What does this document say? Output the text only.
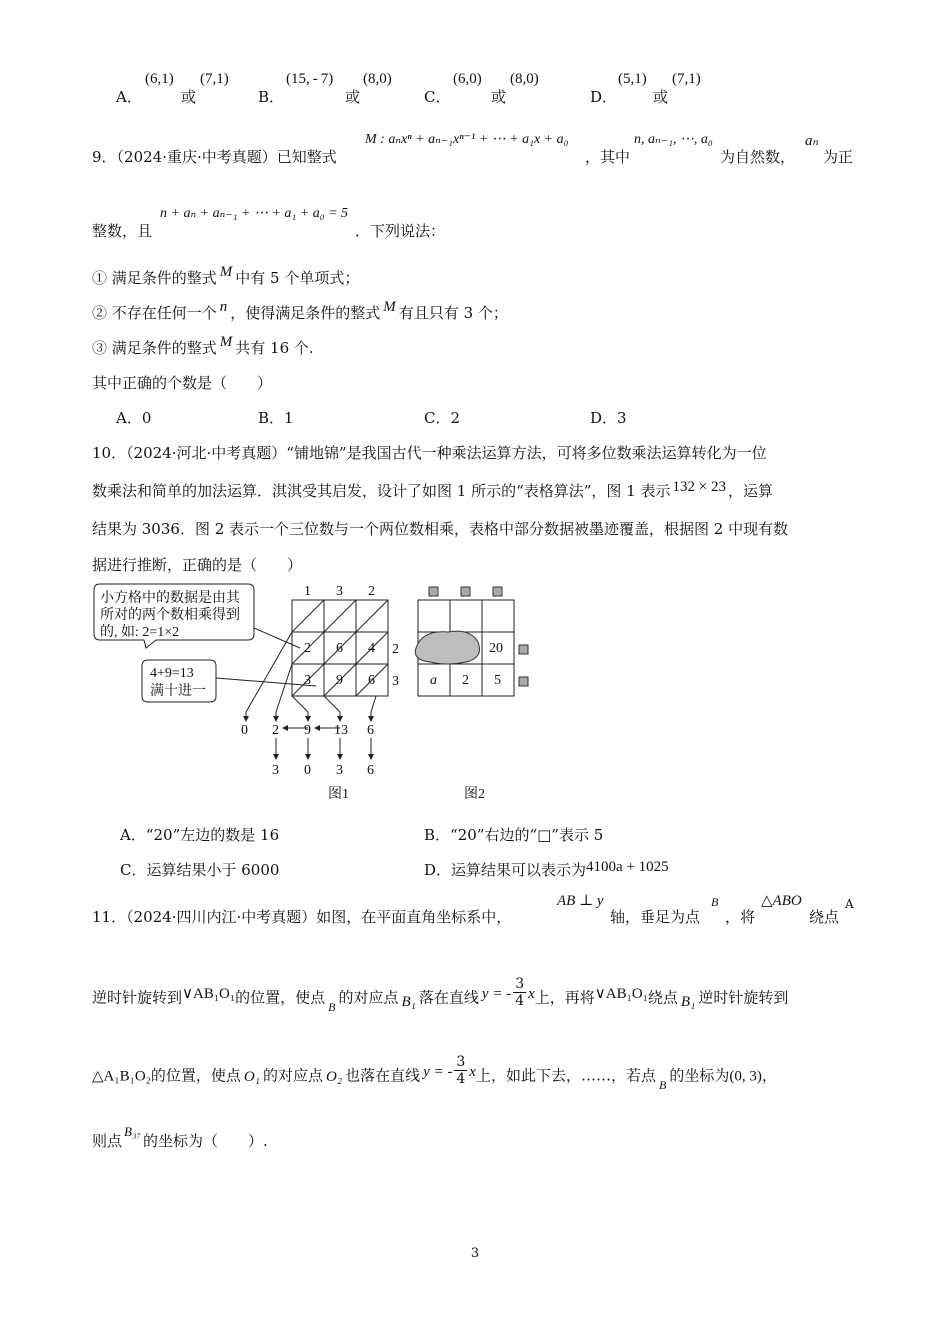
A．
(6,1)
或
(7,1)
B．
(15, - 7)
或
(8,0)
C．
(6,0)
或
(8,0)
D．
(5,1)
或
(7,1)
9．（2024·重庆·中考真题）已知整式
M : aₙxⁿ + aₙ₋₁xⁿ⁻¹ + ⋯ + a₁x + a₀
，其中
n, aₙ₋₁, ⋯, a₀
为自然数，
aₙ
为正
整数，且
n + aₙ + aₙ₋₁ + ⋯ + a₁ + a₀ = 5
．下列说法：
① 满足条件的整式 M 中有 5 个单项式；
② 不存在任何一个 n ，使得满足条件的整式 M 有且只有 3 个；
③ 满足条件的整式 M 共有 16 个.
其中正确的个数是（　　）
A．0	B．1	C．2	D．3
10．（2024·河北·中考真题）“铺地锦”是我国古代一种乘法运算方法，可将多位数乘法运算转化为一位
数乘法和简单的加法运算．淇淇受其启发，设计了如图 1 所示的“表格算法”，图 1 表示 132 × 23 ，运算
结果为 3036．图 2 表示一个三位数与一个两位数相乘，表格中部分数据被墨迹覆盖，根据图 2 中现有数
据进行推断，正确的是（　　）
小方格中的数据是由其
所对的两个数相乘得到
的, 如: 2=1×2
4+9=13
满十进一
1 3 2
2
3
2 6 4
3 9 6
0 2 9 13 6
3 0 3 6
图1
20
a 2 5
图2
A．“20”左边的数是 16	B．“20”右边的“□”表示 5
C．运算结果小于 6000	D．运算结果可以表示为4100a + 1025
11．（2024·四川内江·中考真题）如图，在平面直角坐标系中，
AB ⊥ y
轴，垂足为点
B
，将
△ABO
绕点
A
逆时针旋转到∨AB₁O₁的位置，使点 $_B$ 的对应点 B₁ 落在直线 y = - $\frac{3}{4}$ x上，再将∨AB₁O₁绕点 B₁ 逆时针旋转到
△A₁B₁O₂的位置，使点 O₁ 的对应点 O₂ 也落在直线 y = - $\frac{3}{4}$ x上，如此下去，……，若点 $_B$ 的坐标为(0, 3)，
则点B₃₇的坐标为（　　）.
3
